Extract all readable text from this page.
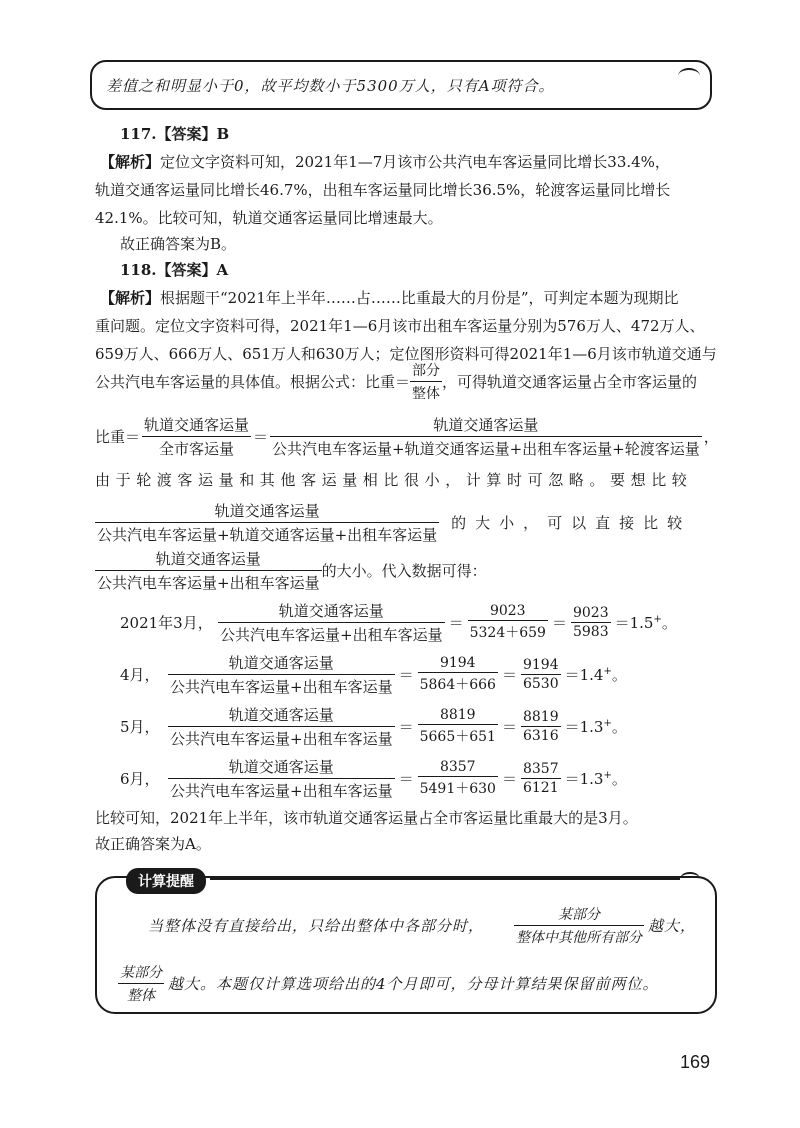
差值之和明显小于0，故平均数小于5300万人，只有A项符合。
117.【答案】B
【解析】定位文字资料可知，2021年1—7月该市公共汽电车客运量同比增长33.4%，
轨道交通客运量同比增长46.7%，出租车客运量同比增长36.5%，轮渡客运量同比增长
42.1%。比较可知，轨道交通客运量同比增速最大。
故正确答案为B。
118.【答案】A
【解析】根据题干“2021年上半年……占……比重最大的月份是”，可判定本题为现期比
重问题。定位文字资料可得，2021年1—6月该市出租车客运量分别为576万人、472万人、
659万人、666万人、651万人和630万人；定位图形资料可得2021年1—6月该市轨道交通与
公共汽电车客运量的具体值。根据公式：比重＝ $\frac{\text{部分}}{\text{整体}}$ ，可得轨道交通客运量占全市客运量的
比重＝ $\frac{\text{轨道交通客运量}}{\text{全市客运量}} = \frac{\text{轨道交通客运量}}{\text{公共汽电车客运量+轨道交通客运量+出租车客运量+轮渡客运量}}$ ，
由于轮渡客运量和其他客运量相比很小，计算时可忽略。要想比较
$\frac{\text{轨道交通客运量}}{\text{公共汽电车客运量+轨道交通客运量+出租车客运量}}$ 的大小，可以直接比较
$\frac{\text{轨道交通客运量}}{\text{公共汽电车客运量+出租车客运量}}$ 的大小。代入数据可得：
2021年3月， $\frac{\text{轨道交通客运量}}{\text{公共汽电车客运量+出租车客运量}} = \frac{9023}{5324+659} = \frac{9023}{5983} =1.5^+$。
4月， $\frac{\text{轨道交通客运量}}{\text{公共汽电车客运量+出租车客运量}} = \frac{9194}{5864+666} = \frac{9194}{6530} =1.4^+$。
5月， $\frac{\text{轨道交通客运量}}{\text{公共汽电车客运量+出租车客运量}} = \frac{8819}{5665+651} = \frac{8819}{6316} =1.3^+$。
6月， $\frac{\text{轨道交通客运量}}{\text{公共汽电车客运量+出租车客运量}} = \frac{8357}{5491+630} = \frac{8357}{6121} =1.3^+$。
比较可知，2021年上半年，该市轨道交通客运量占全市客运量比重最大的是3月。
故正确答案为A。
计算提醒
当整体没有直接给出，只给出整体中各部分时， $\frac{\text{某部分}}{\text{整体中其他所有部分}}$ 越大，
$\frac{\text{某部分}}{\text{整体}}$ 越大。本题仅计算选项给出的4个月即可，分母计算结果保留前两位。
169
